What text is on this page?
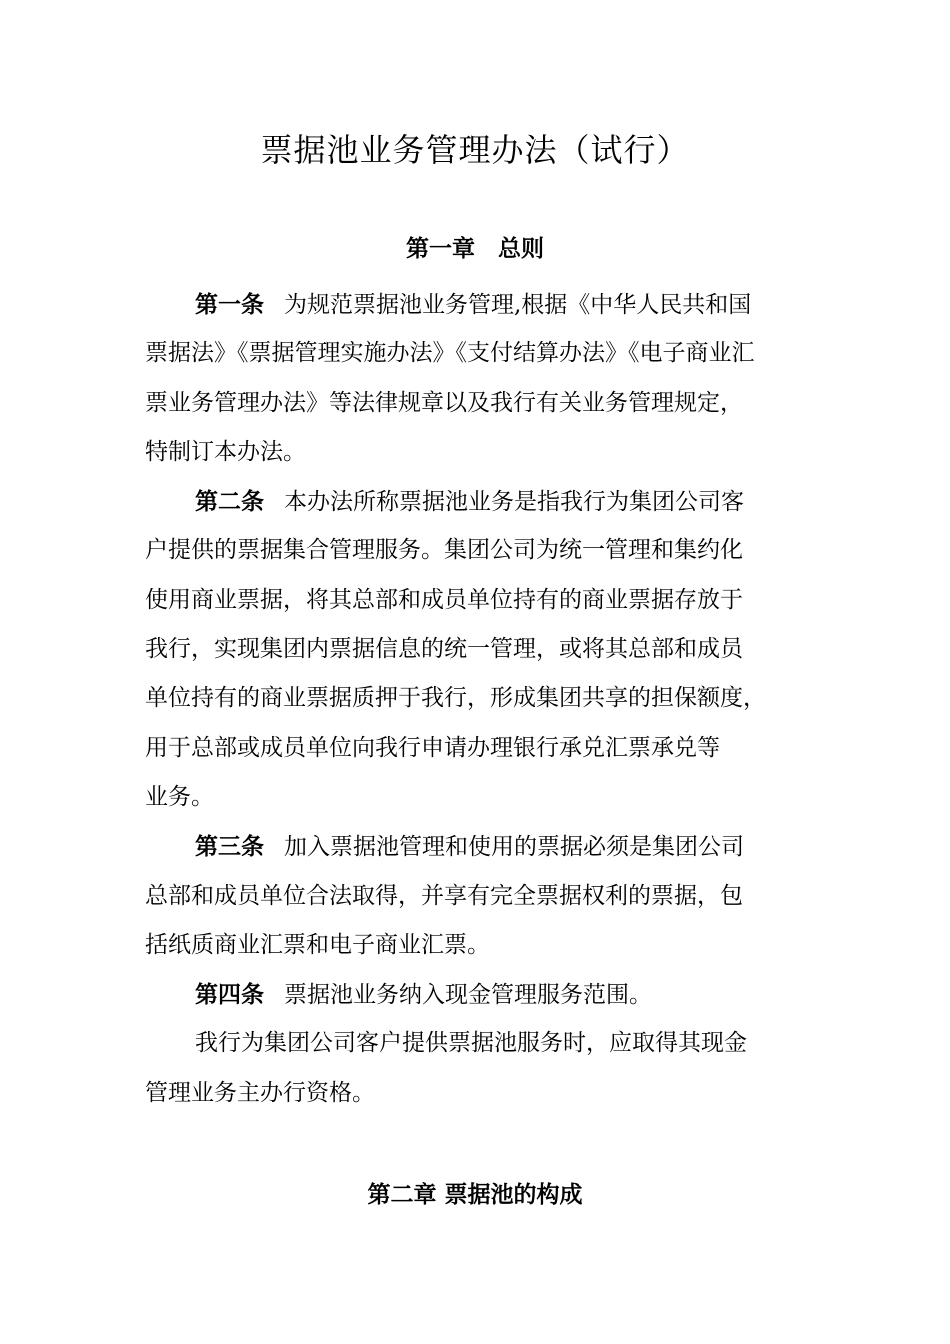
票据池业务管理办法（试行）
第一章　总则
第一条 为规范票据池业务管理,根据《中华人民共和国
票据法》《票据管理实施办法》《支付结算办法》《电子商业汇
票业务管理办法》等法律规章以及我行有关业务管理规定，
特制订本办法。
第二条 本办法所称票据池业务是指我行为集团公司客
户提供的票据集合管理服务。集团公司为统一管理和集约化
使用商业票据，将其总部和成员单位持有的商业票据存放于
我行，实现集团内票据信息的统一管理，或将其总部和成员
单位持有的商业票据质押于我行，形成集团共享的担保额度，
用于总部或成员单位向我行申请办理银行承兑汇票承兑等
业务。
第三条 加入票据池管理和使用的票据必须是集团公司
总部和成员单位合法取得，并享有完全票据权利的票据，包
括纸质商业汇票和电子商业汇票。
第四条 票据池业务纳入现金管理服务范围。
我行为集团公司客户提供票据池服务时，应取得其现金
管理业务主办行资格。
第二章 票据池的构成
